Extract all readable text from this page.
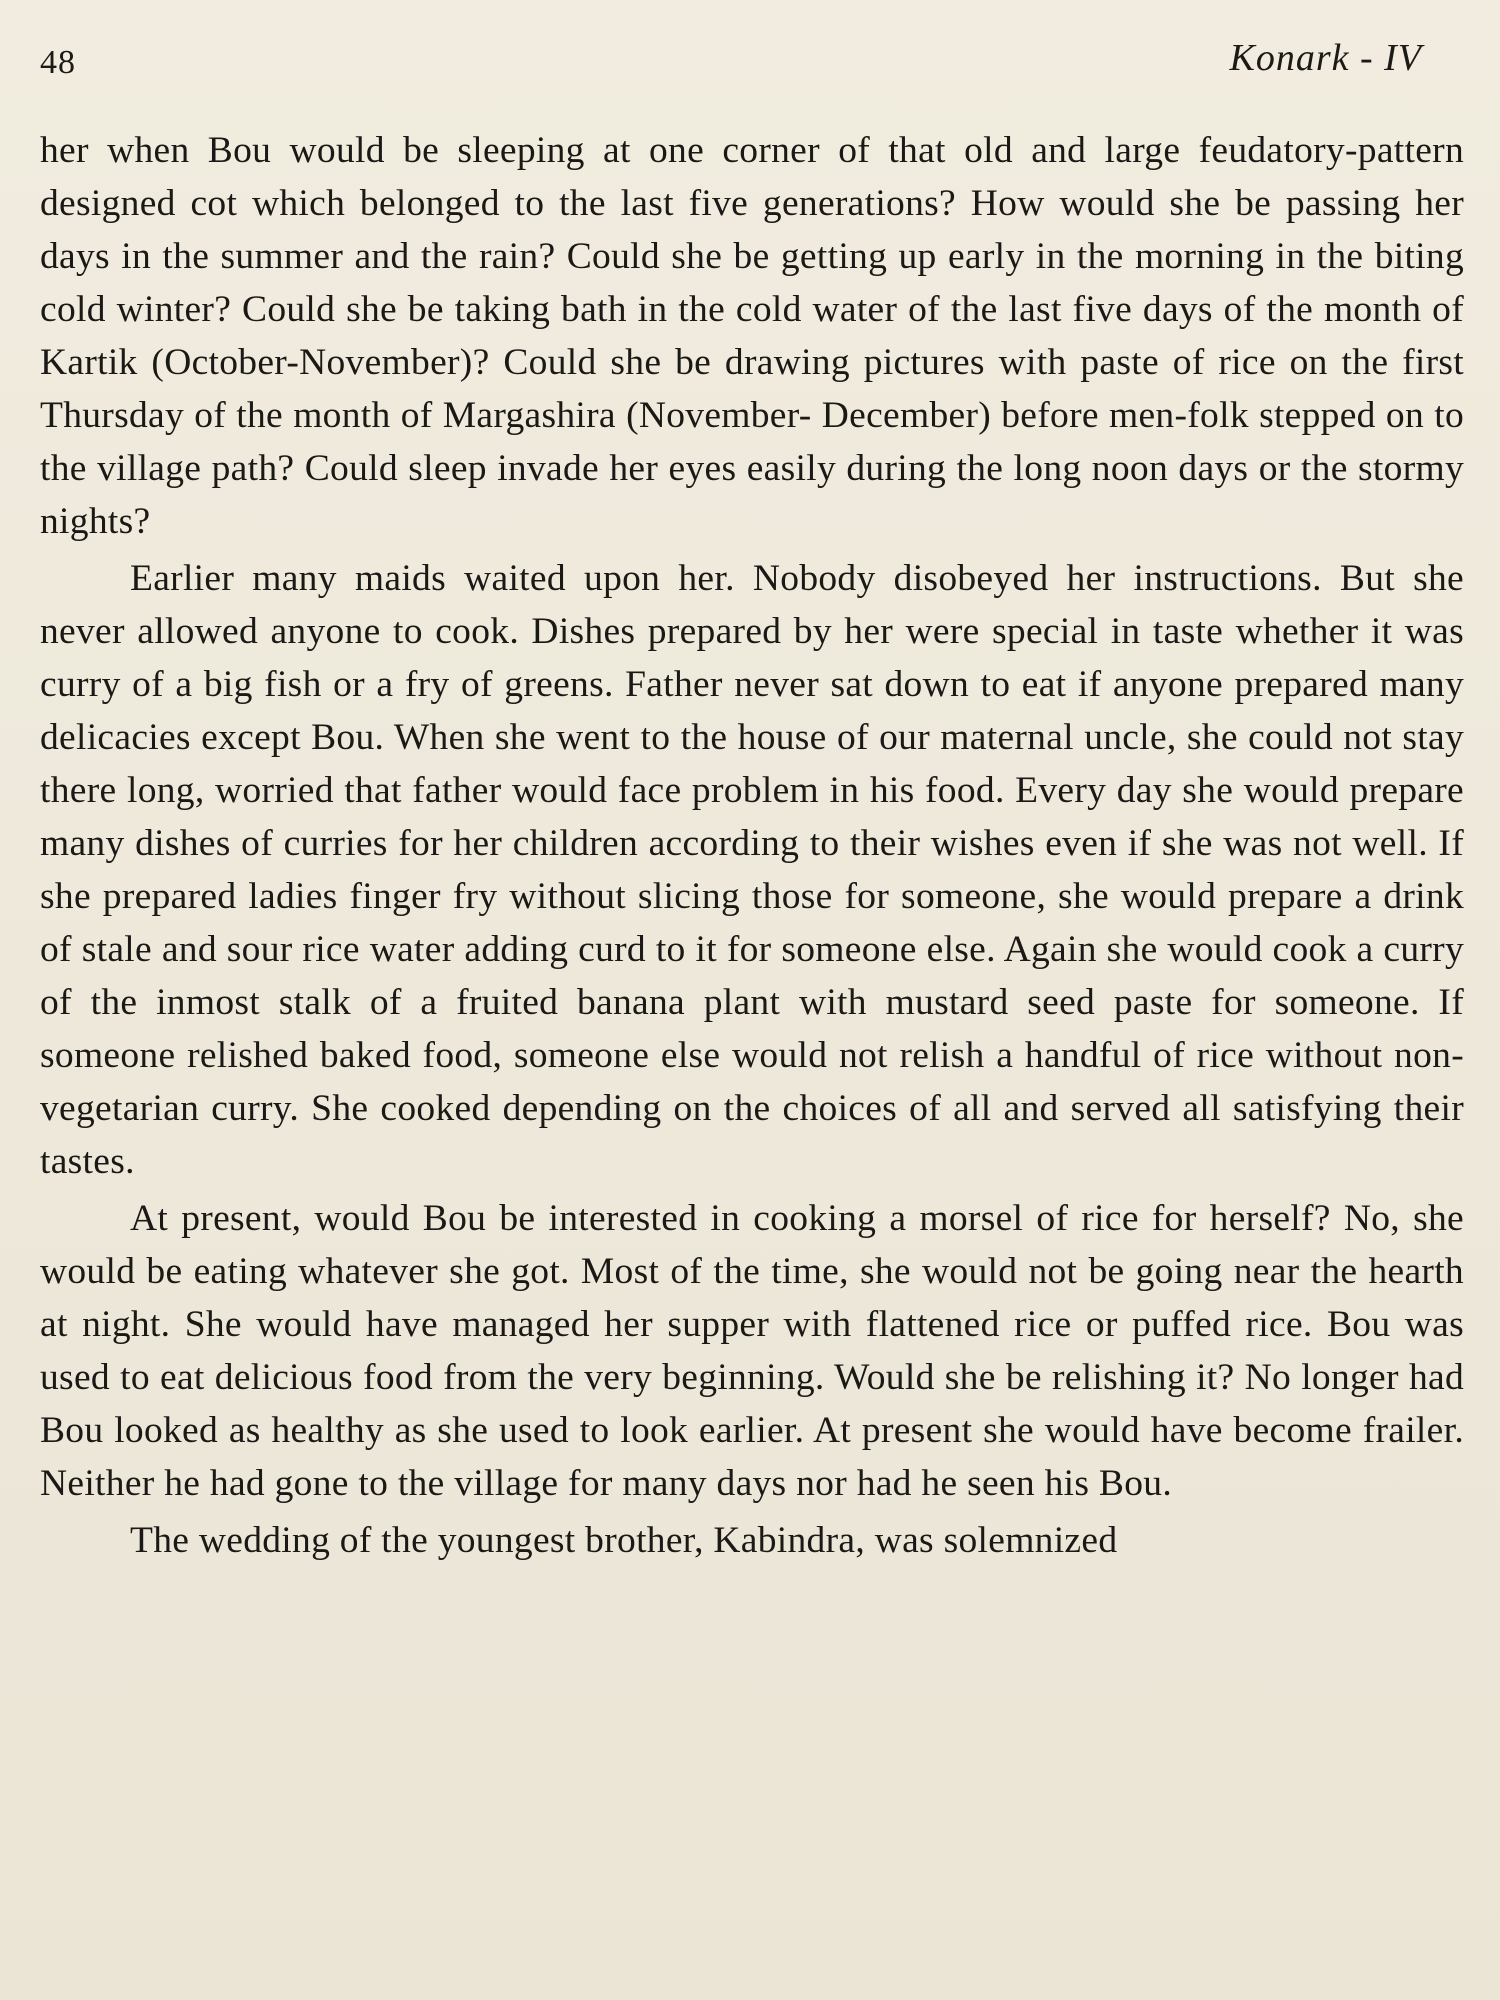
48	Konark - IV

her when Bou would be sleeping at one corner of that old and large feudatory-pattern designed cot which belonged to the last five generations? How would she be passing her days in the summer and the rain? Could she be getting up early in the morning in the biting cold winter? Could she be taking bath in the cold water of the last five days of the month of Kartik (October-November)? Could she be drawing pictures with paste of rice on the first Thursday of the month of Margashira (November- December) before men-folk stepped on to the village path? Could sleep invade her eyes easily during the long noon days or the stormy nights?

Earlier many maids waited upon her. Nobody disobeyed her instructions. But she never allowed anyone to cook. Dishes prepared by her were special in taste whether it was curry of a big fish or a fry of greens. Father never sat down to eat if anyone prepared many delicacies except Bou. When she went to the house of our maternal uncle, she could not stay there long, worried that father would face problem in his food. Every day she would prepare many dishes of curries for her children according to their wishes even if she was not well. If she prepared ladies finger fry without slicing those for someone, she would prepare a drink of stale and sour rice water adding curd to it for someone else. Again she would cook a curry of the inmost stalk of a fruited banana plant with mustard seed paste for someone. If someone relished baked food, someone else would not relish a handful of rice without non-vegetarian curry. She cooked depending on the choices of all and served all satisfying their tastes.

At present, would Bou be interested in cooking a morsel of rice for herself? No, she would be eating whatever she got. Most of the time, she would not be going near the hearth at night. She would have managed her supper with flattened rice or puffed rice. Bou was used to eat delicious food from the very beginning. Would she be relishing it? No longer had Bou looked as healthy as she used to look earlier. At present she would have become frailer. Neither he had gone to the village for many days nor had he seen his Bou.

The wedding of the youngest brother, Kabindra, was solemnized
